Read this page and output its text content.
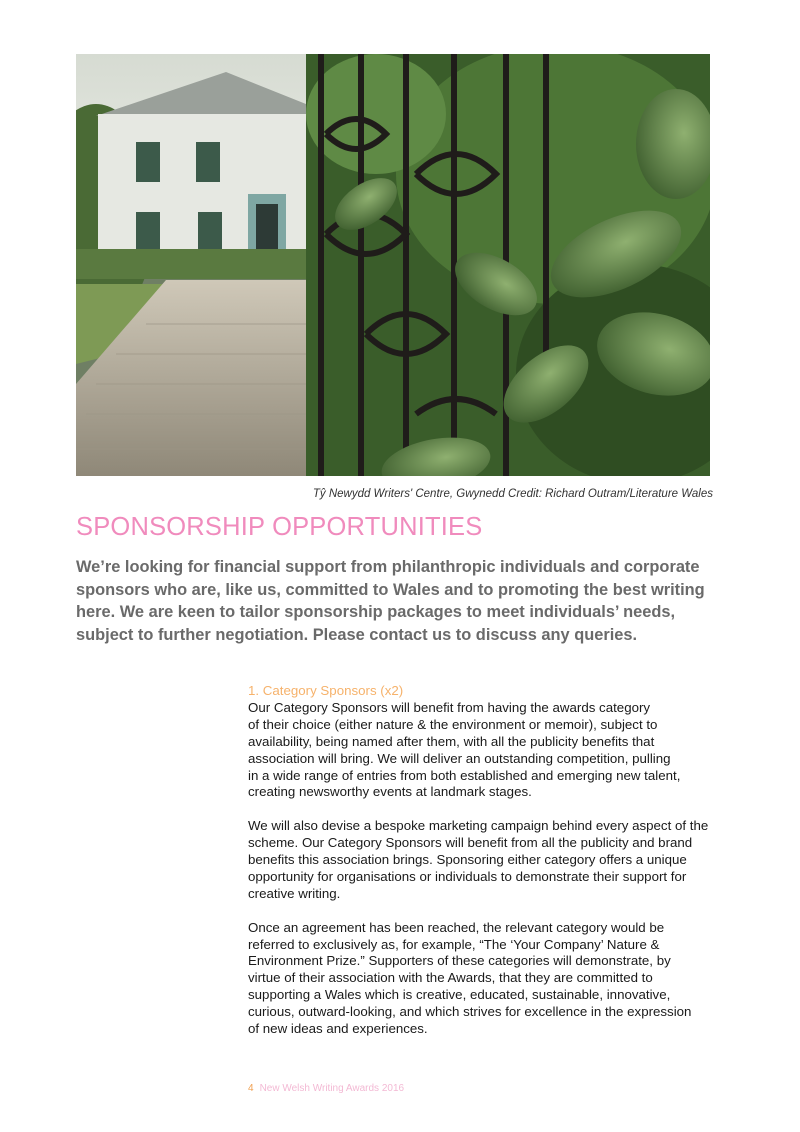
Tŷ Newydd Writers' Centre, Gwynedd Credit: Richard Outram/Literature Wales
SPONSORSHIP OPPORTUNITIES

We’re looking for financial support from philanthropic individuals and corporate
sponsors who are, like us, committed to Wales and to promoting the best writing
here. We are keen to tailor sponsorship packages to meet individuals’ needs,
subject to further negotiation. Please contact us to discuss any queries.

1. Category Sponsors (x2)
Our Category Sponsors will benefit from having the awards category
of their choice (either nature & the environment or memoir), subject to
availability, being named after them, with all the publicity benefits that
association will bring. We will deliver an outstanding competition, pulling
in a wide range of entries from both established and emerging new talent,
creating newsworthy events at landmark stages.
We will also devise a bespoke marketing campaign behind every aspect of the
scheme. Our Category Sponsors will benefit from all the publicity and brand
benefits this association brings. Sponsoring either category offers a unique
opportunity for organisations or individuals to demonstrate their support for
creative writing.
Once an agreement has been reached, the relevant category would be
referred to exclusively as, for example, “The ‘Your Company’ Nature &
Environment Prize.” Supporters of these categories will demonstrate, by
virtue of their association with the Awards, that they are committed to
supporting a Wales which is creative, educated, sustainable, innovative,
curious, outward-looking, and which strives for excellence in the expression
of new ideas and experiences.
4 New Welsh Writing Awards 2016
